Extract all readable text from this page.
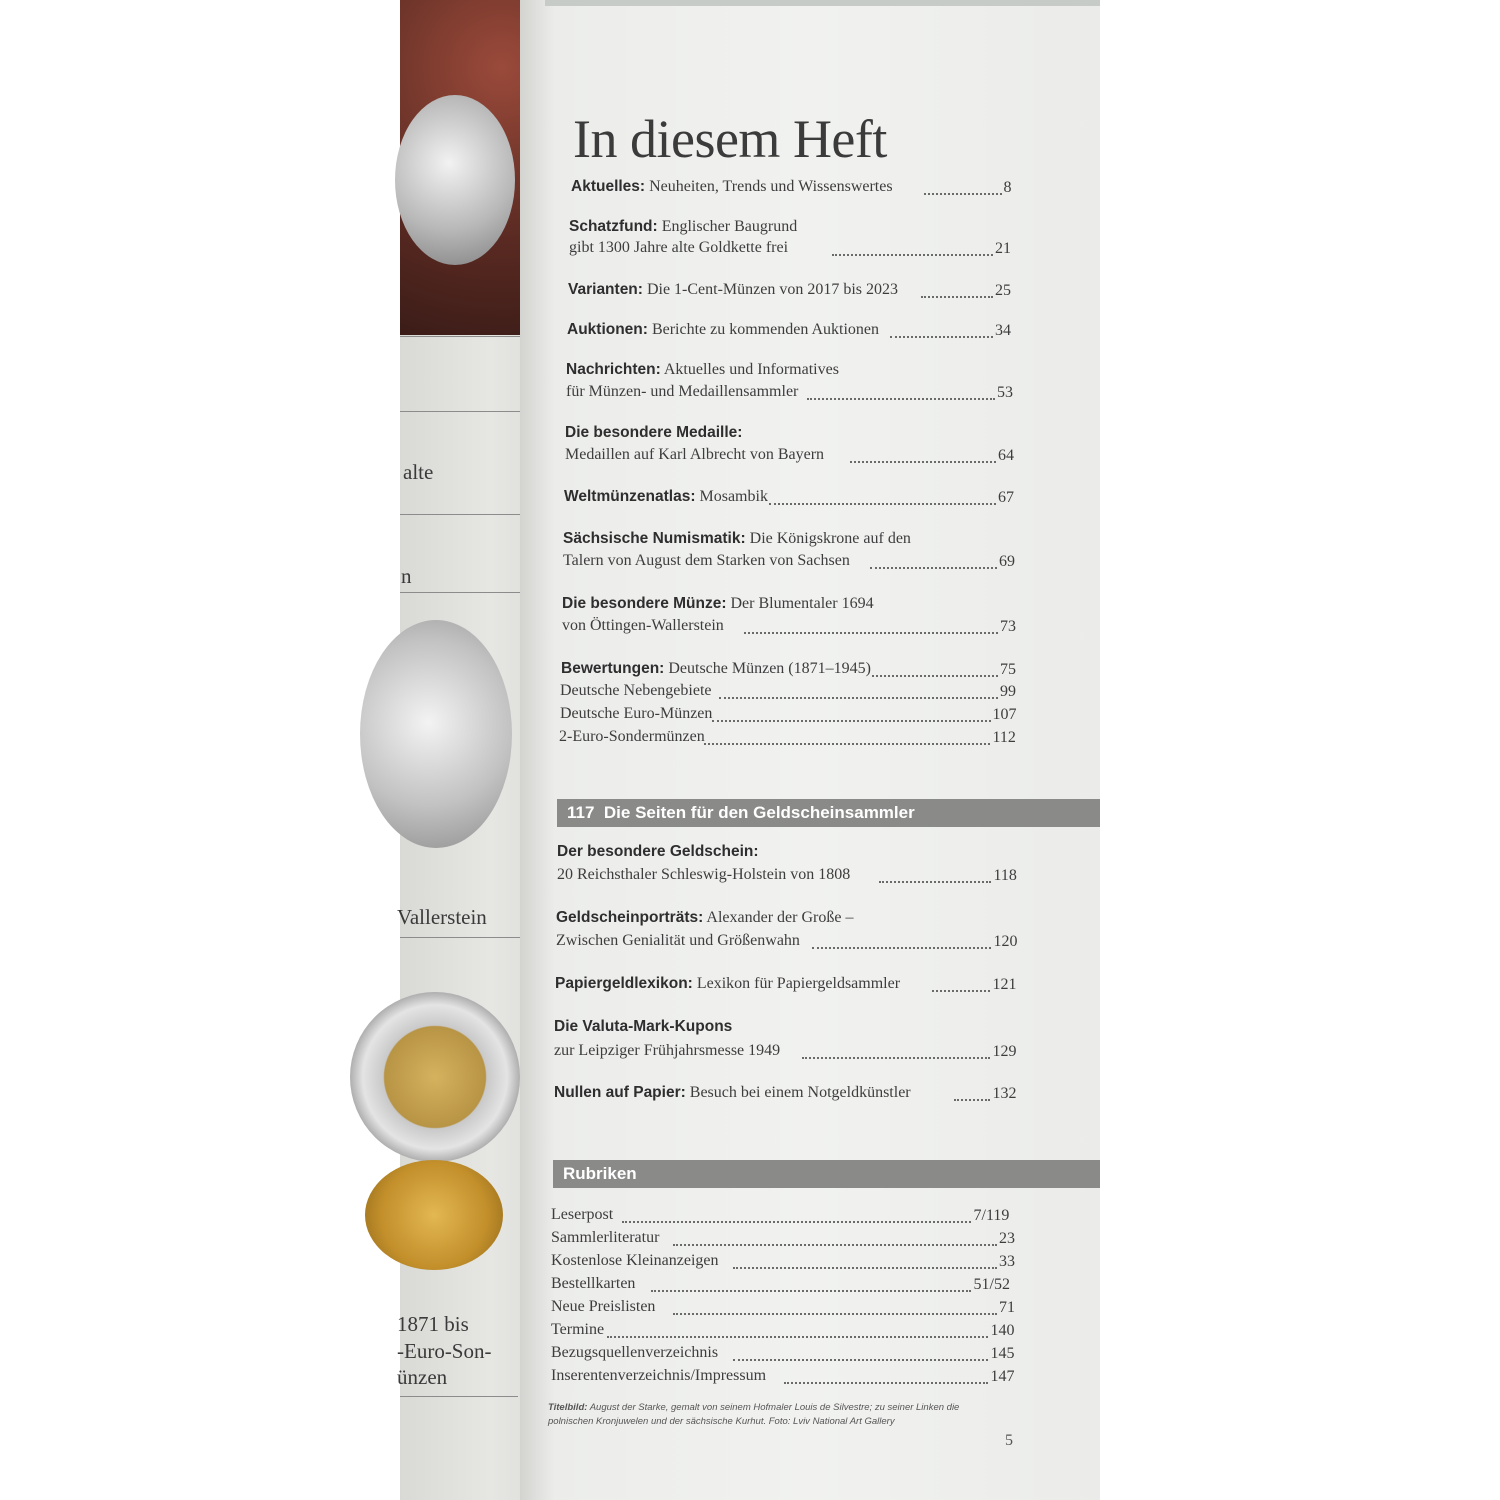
alte
n
Vallerstein
1871 bis
-Euro-Son-
ünzen
In diesem Heft
Aktuelles: Neuheiten, Trends und Wissenswertes	8
Schatzfund: Englischer Baugrund
gibt 1300 Jahre alte Goldkette frei	21
Varianten: Die 1-Cent-Münzen von 2017 bis 2023	25
Auktionen: Berichte zu kommenden Auktionen	34
Nachrichten: Aktuelles und Informatives
für Münzen- und Medaillensammler	53
Die besondere Medaille:
Medaillen auf Karl Albrecht von Bayern	64
Weltmünzenatlas: Mosambik	67
Sächsische Numismatik: Die Königskrone auf den
Talern von August dem Starken von Sachsen	69
Die besondere Münze: Der Blumentaler 1694
von Öttingen-Wallerstein	73
Bewertungen: Deutsche Münzen (1871–1945)	75
Deutsche Nebengebiete	99
Deutsche Euro-Münzen	107
2-Euro-Sondermünzen	112
Der besondere Geldschein:
20 Reichsthaler Schleswig-Holstein von 1808	118
Geldscheinporträts: Alexander der Große –
Zwischen Genialität und Größenwahn	120
Papiergeldlexikon: Lexikon für Papiergeldsammler	121
Die Valuta-Mark-Kupons
zur Leipziger Frühjahrsmesse 1949	129
Nullen auf Papier: Besuch bei einem Notgeldkünstler	132
Leserpost	7/119
Sammlerliteratur	23
Kostenlose Kleinanzeigen	33
Bestellkarten	51/52
Neue Preislisten	71
Termine	140
Bezugsquellenverzeichnis	145
Inserentenverzeichnis/Impressum	147
117 Die Seiten für den Geldscheinsammler
Rubriken
Titelbild: August der Starke, gemalt von seinem Hofmaler Louis de Silvestre; zu seiner Linken die
polnischen Kronjuwelen und der sächsische Kurhut. Foto: Lviv National Art Gallery
5
